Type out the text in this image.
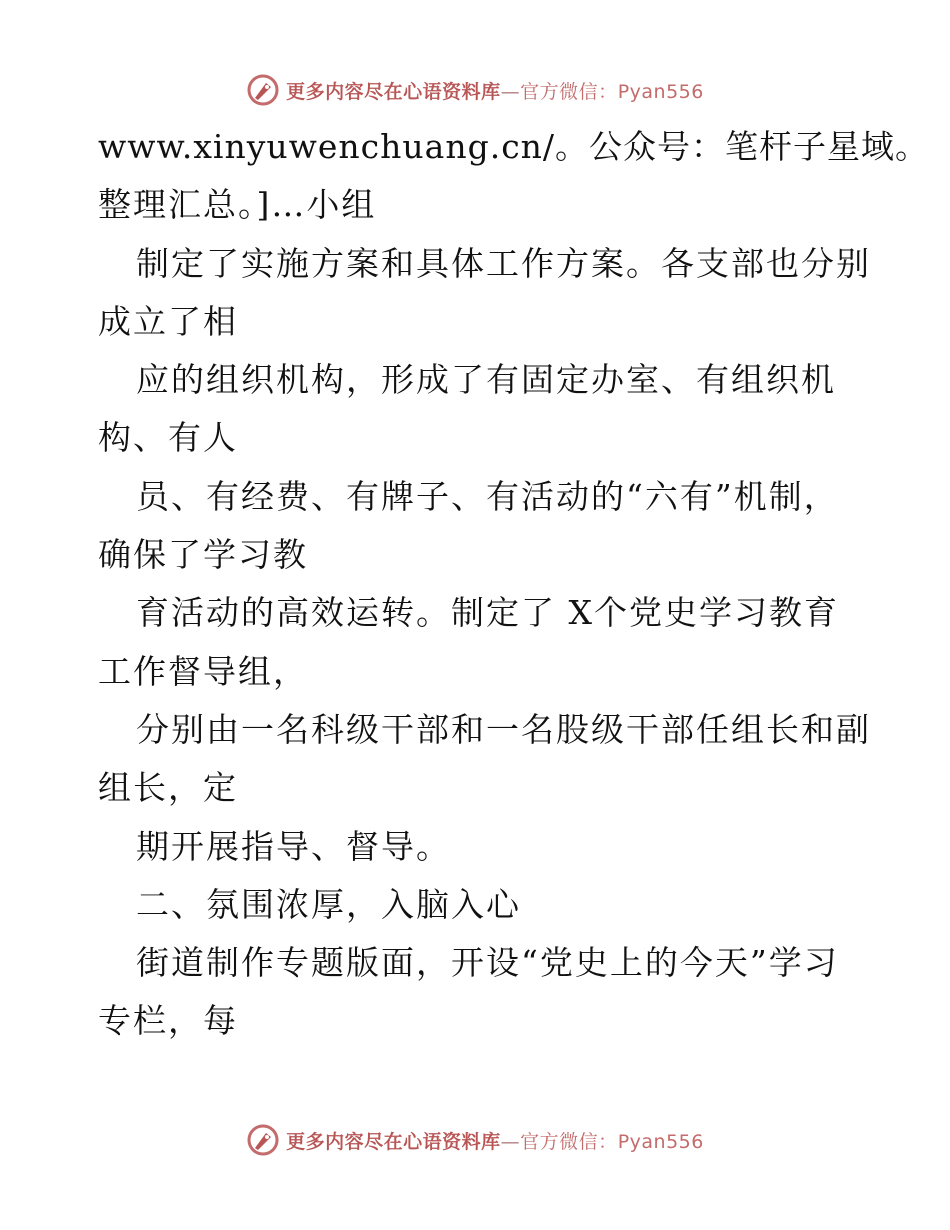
更多内容尽在心语资料库—官方微信：Pyan556
www.xinyuwenchuang.cn/。公众号：笔杆子星域。
整理汇总。]…小组
制定了实施方案和具体工作方案。各支部也分别
成立了相
应的组织机构，形成了有固定办室、有组织机
构、有人
员、有经费、有牌子、有活动的“六有”机制，
确保了学习教
育活动的高效运转。制定了 X个党史学习教育
工作督导组，
分别由一名科级干部和一名股级干部任组长和副
组长，定
期开展指导、督导。
二、氛围浓厚，入脑入心
街道制作专题版面，开设“党史上的今天”学习
专栏，每
更多内容尽在心语资料库—官方微信：Pyan556
